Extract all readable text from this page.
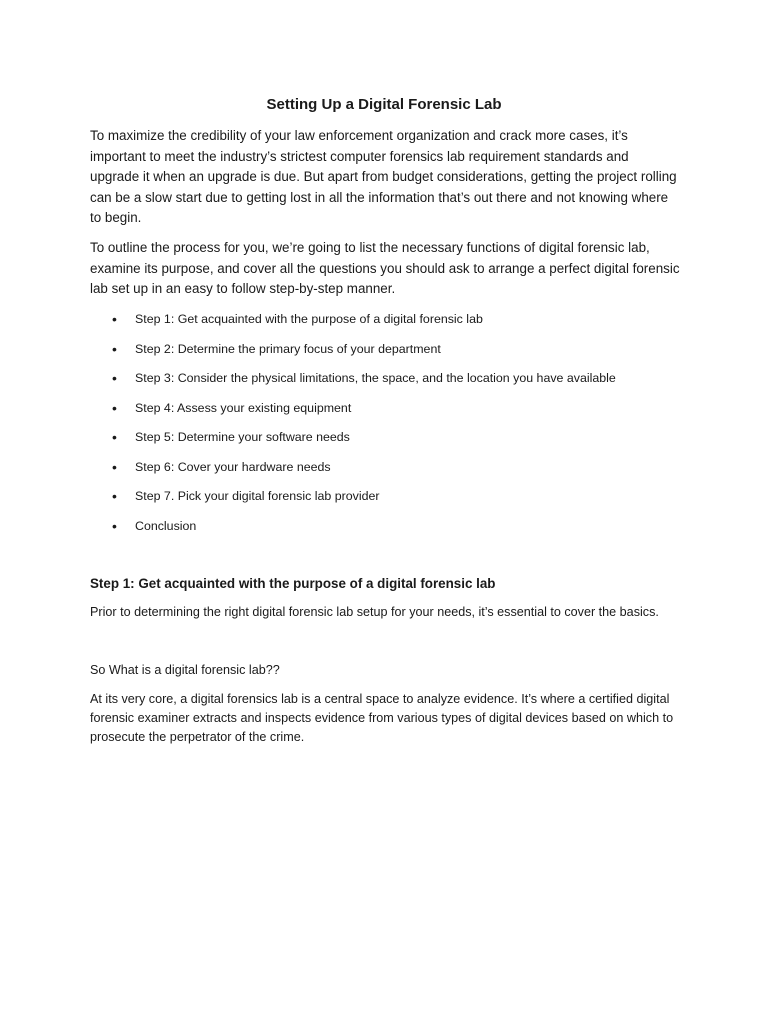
Setting Up a Digital Forensic Lab

To maximize the credibility of your law enforcement organization and crack more cases, it’s important to meet the industry’s strictest computer forensics lab requirement standards and upgrade it when an upgrade is due. But apart from budget considerations, getting the project rolling can be a slow start due to getting lost in all the information that’s out there and not knowing where to begin.

To outline the process for you, we’re going to list the necessary functions of digital forensic lab, examine its purpose, and cover all the questions you should ask to arrange a perfect digital forensic lab set up in an easy to follow step-by-step manner.

• Step 1: Get acquainted with the purpose of a digital forensic lab
• Step 2: Determine the primary focus of your department
• Step 3: Consider the physical limitations, the space, and the location you have available
• Step 4: Assess your existing equipment
• Step 5: Determine your software needs
• Step 6: Cover your hardware needs
• Step 7. Pick your digital forensic lab provider
• Conclusion
Step 1: Get acquainted with the purpose of a digital forensic lab

Prior to determining the right digital forensic lab setup for your needs, it’s essential to cover the basics.

So What is a digital forensic lab??

At its very core, a digital forensics lab is a central space to analyze evidence. It’s where a certified digital forensic examiner extracts and inspects evidence from various types of digital devices based on which to prosecute the perpetrator of the crime.
